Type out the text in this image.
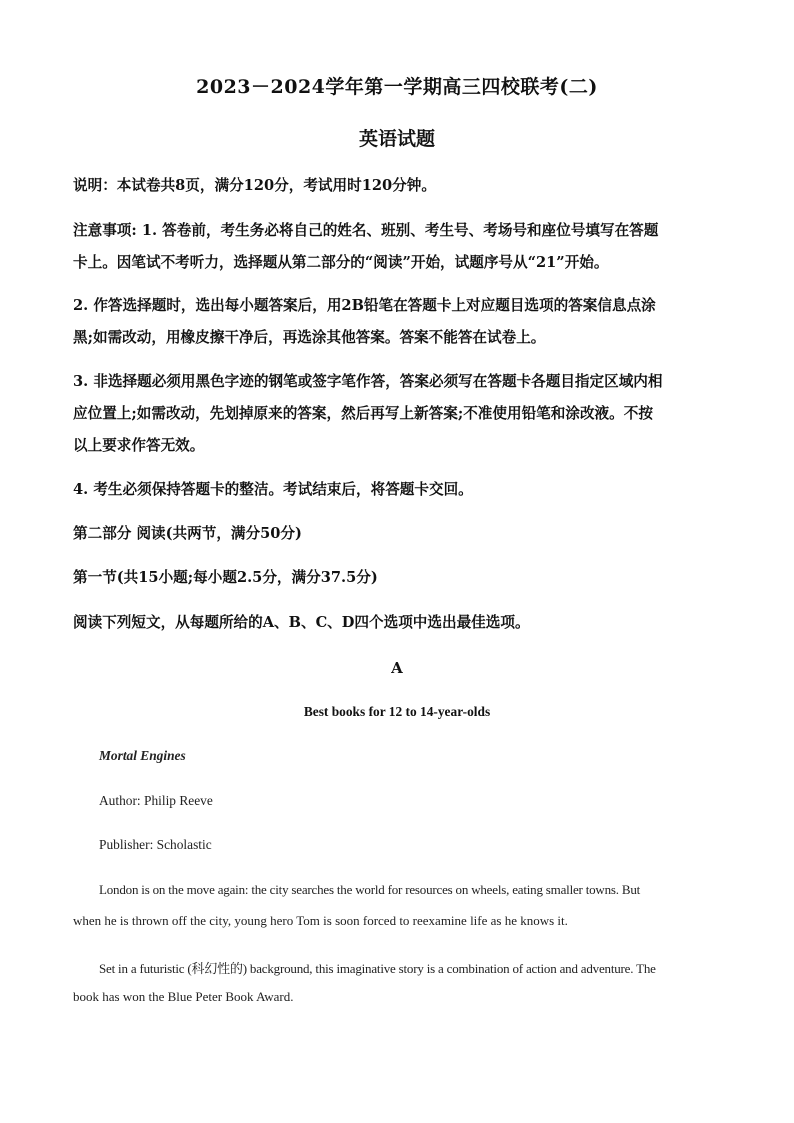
2023－2024学年第一学期高三四校联考(二)
英语试题
说明：本试卷共8页，满分120分，考试用时120分钟。
注意事项: 1. 答卷前，考生务必将自己的姓名、班别、考生号、考场号和座位号填写在答题
卡上。因笔试不考听力，选择题从第二部分的“阅读”开始，试题序号从“21”开始。
2. 作答选择题时，选出每小题答案后，用2B铅笔在答题卡上对应题目选项的答案信息点涂
黑;如需改动，用橡皮擦干净后，再选涂其他答案。答案不能答在试卷上。
3. 非选择题必须用黑色字迹的钢笔或签字笔作答，答案必须写在答题卡各题目指定区域内相
应位置上;如需改动，先划掉原来的答案，然后再写上新答案;不准使用铅笔和涂改液。不按
以上要求作答无效。
4. 考生必须保持答题卡的整洁。考试结束后，将答题卡交回。
第二部分 阅读(共两节，满分50分)
第一节(共15小题;每小题2.5分，满分37.5分)
阅读下列短文，从每题所给的A、B、C、D四个选项中选出最佳选项。
A
Best books for 12 to 14-year-olds
Mortal Engines
Author: Philip Reeve
Publisher: Scholastic
London is on the move again: the city searches the world for resources on wheels, eating smaller towns. But
when he is thrown off the city, young hero Tom is soon forced to reexamine life as he knows it.
Set in a futuristic (科幻性的) background, this imaginative story is a combination of action and adventure. The
book has won the Blue Peter Book Award.
